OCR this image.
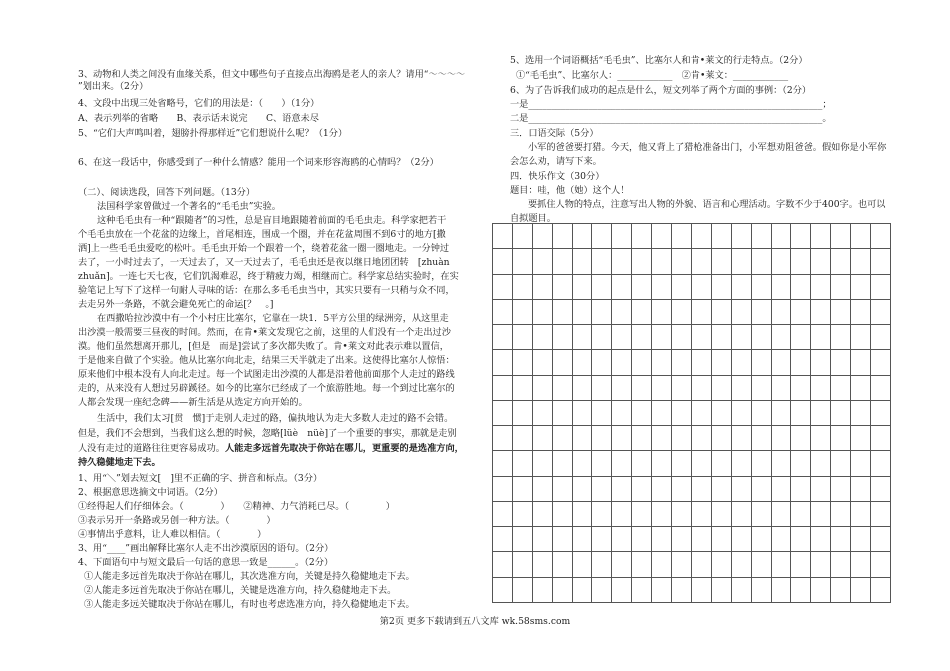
3、动物和人类之间没有血缘关系，但文中哪些句子直接点出海鸥是老人的亲人？请用“～～～～
”划出来。（2分）
4、文段中出现三处省略号，它们的用法是：（　　）（1分）
A、表示列举的省略　　B、表示话未说完　　C、语意未尽
5、“它们大声鸣叫着，翅膀扑得那样近”它们想说什么呢？（1分）
6、在这一段话中，你感受到了一种什么情感？能用一个词来形容海鸥的心情吗？（2分）
（二）、阅读选段，回答下列问题。（13分）
法国科学家曾做过一个著名的“毛毛虫”实验。
这种毛毛虫有一种“跟随者”的习性，总是盲目地跟随着前面的毛毛虫走。科学家把若干
个毛毛虫放在一个花盆的边缘上，首尾相连，围成一个圈，并在花盆周围不到6寸的地方[撒
洒]上一些毛毛虫爱吃的松叶。毛毛虫开始一个跟着一个，绕着花盆一圈一圈地走。一分钟过
去了，一小时过去了，一天过去了，又一天过去了，毛毛虫还是夜以继日地团团转　[zhuàn
zhuǎn]。一连七天七夜，它们饥渴难忍，终于精疲力竭，相继而亡。科学家总结实验时，在实
验笔记上写下了这样一句耐人寻味的话：在那么多毛毛虫当中，其实只要有一只稍与众不同，
去走另外一条路，不就会避免死亡的命运[？　。]
在西撒哈拉沙漠中有一个小村庄比塞尔，它靠在一块1．5平方公里的绿洲旁，从这里走
出沙漠一般需要三昼夜的时间。然而，在肯•莱文发现它之前，这里的人们没有一个走出过沙
漠。他们虽然想离开那儿，[但是　而是]尝试了多次都失败了。肯•莱文对此表示难以置信，
于是他来自做了个实验。他从比塞尔向北走，结果三天半就走了出来。这使得比塞尔人惊悟：
原来他们中根本没有人向北走过。每一个试图走出沙漠的人都是沿着他前面那个人走过的路线
走的，从来没有人想过另辟蹊径。如今的比塞尔已经成了一个旅游胜地。每一个到过比塞尔的
人都会发现一座纪念碑——新生活是从选定方向开始的。
生活中，我们太习[贯　惯]于走别人走过的路，偏执地认为走大多数人走过的路不会错。
但是，我们不会想到，当我们这么想的时候，忽略[lüè　nüè]了一个重要的事实，那就是走别
人没有走过的道路往往更容易成功。人能走多远首先取决于你站在哪儿，更重要的是选准方向，
持久稳健地走下去。
1、用“＼”划去短文[　]里不正确的字、拼音和标点。（3分）
2、根据意思选摘文中词语。（2分）
①经得起人们仔细体会。（　　　　）　　②精神、力气消耗已尽。（　　　　）
③表示另开一条路或另创一种方法。（　　　　）
④事情出乎意料，让人难以相信。（　　　　）
3、用“____”画出解释比塞尔人走不出沙漠原因的语句。（2分）
4、下面语句中与短文最后一句话的意思一致是______。（2分）
①人能走多远首先取决于你站在哪儿，其次选准方向，关键是持久稳健地走下去。
②人能走多远首先取决于你站在哪儿，关键是选准方向，持久稳健地走下去。
③人能走多远关键取决于你站在哪儿，有时也考虑选准方向，持久稳健地走下去。
5、选用一个词语概括“毛毛虫”、比塞尔人和肯•莱文的行走特点。（2分）
①“毛毛虫”、比塞尔人：____________　②肯•莱文：____________
6、为了告诉我们成功的起点是什么，短文列举了两个方面的事例：（2分）
一是________________________________________________________________；
二是________________________________________________________________。
三．口语交际（5分）
小军的爸爸要打猎。今天，他又背上了猎枪准备出门，小军想劝阻爸爸。假如你是小军你
会怎么劝，请写下来。
四．快乐作文（30分）
题目：哇，他（她）这个人！
要抓住人物的特点，注意写出人物的外貌、语言和心理活动。字数不少于400字。也可以
自拟题目。
第2页 更多下载请到五八文库 wk.58sms.com
